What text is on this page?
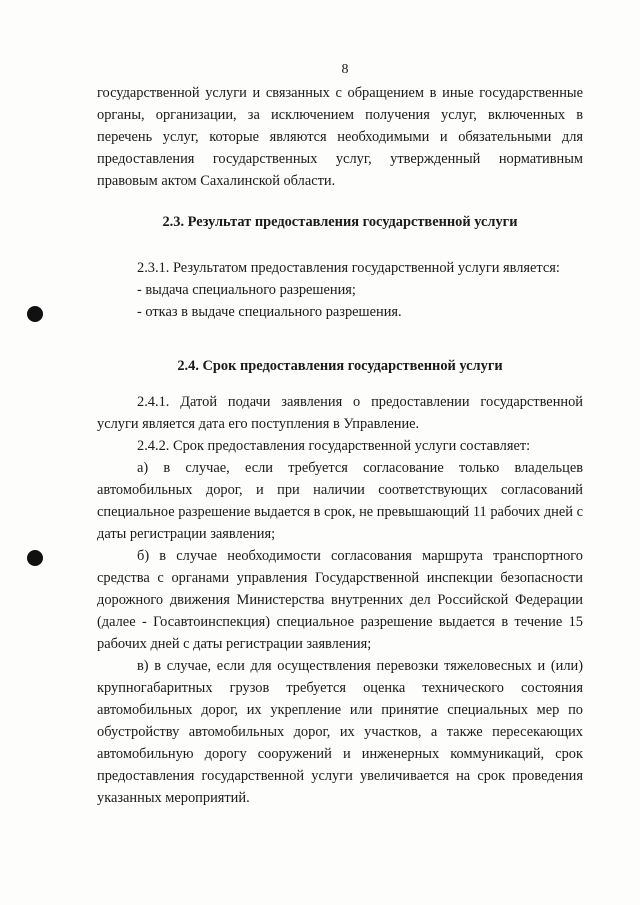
8

государственной услуги и связанных с обращением в иные государственные органы, организации, за исключением получения услуг, включенных в перечень услуг, которые являются необходимыми и обязательными для предоставления государственных услуг, утвержденный нормативным правовым актом Сахалинской области.

2.3. Результат предоставления государственной услуги

2.3.1. Результатом предоставления государственной услуги является:

- выдача специального разрешения;

- отказ в выдаче специального разрешения.

2.4. Срок предоставления государственной услуги

2.4.1. Датой подачи заявления о предоставлении государственной услуги является дата его поступления в Управление.

2.4.2. Срок предоставления государственной услуги составляет:

а) в случае, если требуется согласование только владельцев автомобильных дорог, и при наличии соответствующих согласований специальное разрешение выдается в срок, не превышающий 11 рабочих дней с даты регистрации заявления;

б) в случае необходимости согласования маршрута транспортного средства с органами управления Государственной инспекции безопасности дорожного движения Министерства внутренних дел Российской Федерации (далее - Госавтоинспекция) специальное разрешение выдается в течение 15 рабочих дней с даты регистрации заявления;

в) в случае, если для осуществления перевозки тяжеловесных и (или) крупногабаритных грузов требуется оценка технического состояния автомобильных дорог, их укрепление или принятие специальных мер по обустройству автомобильных дорог, их участков, а также пересекающих автомобильную дорогу сооружений и инженерных коммуникаций, срок предоставления государственной услуги увеличивается на срок проведения указанных мероприятий.
